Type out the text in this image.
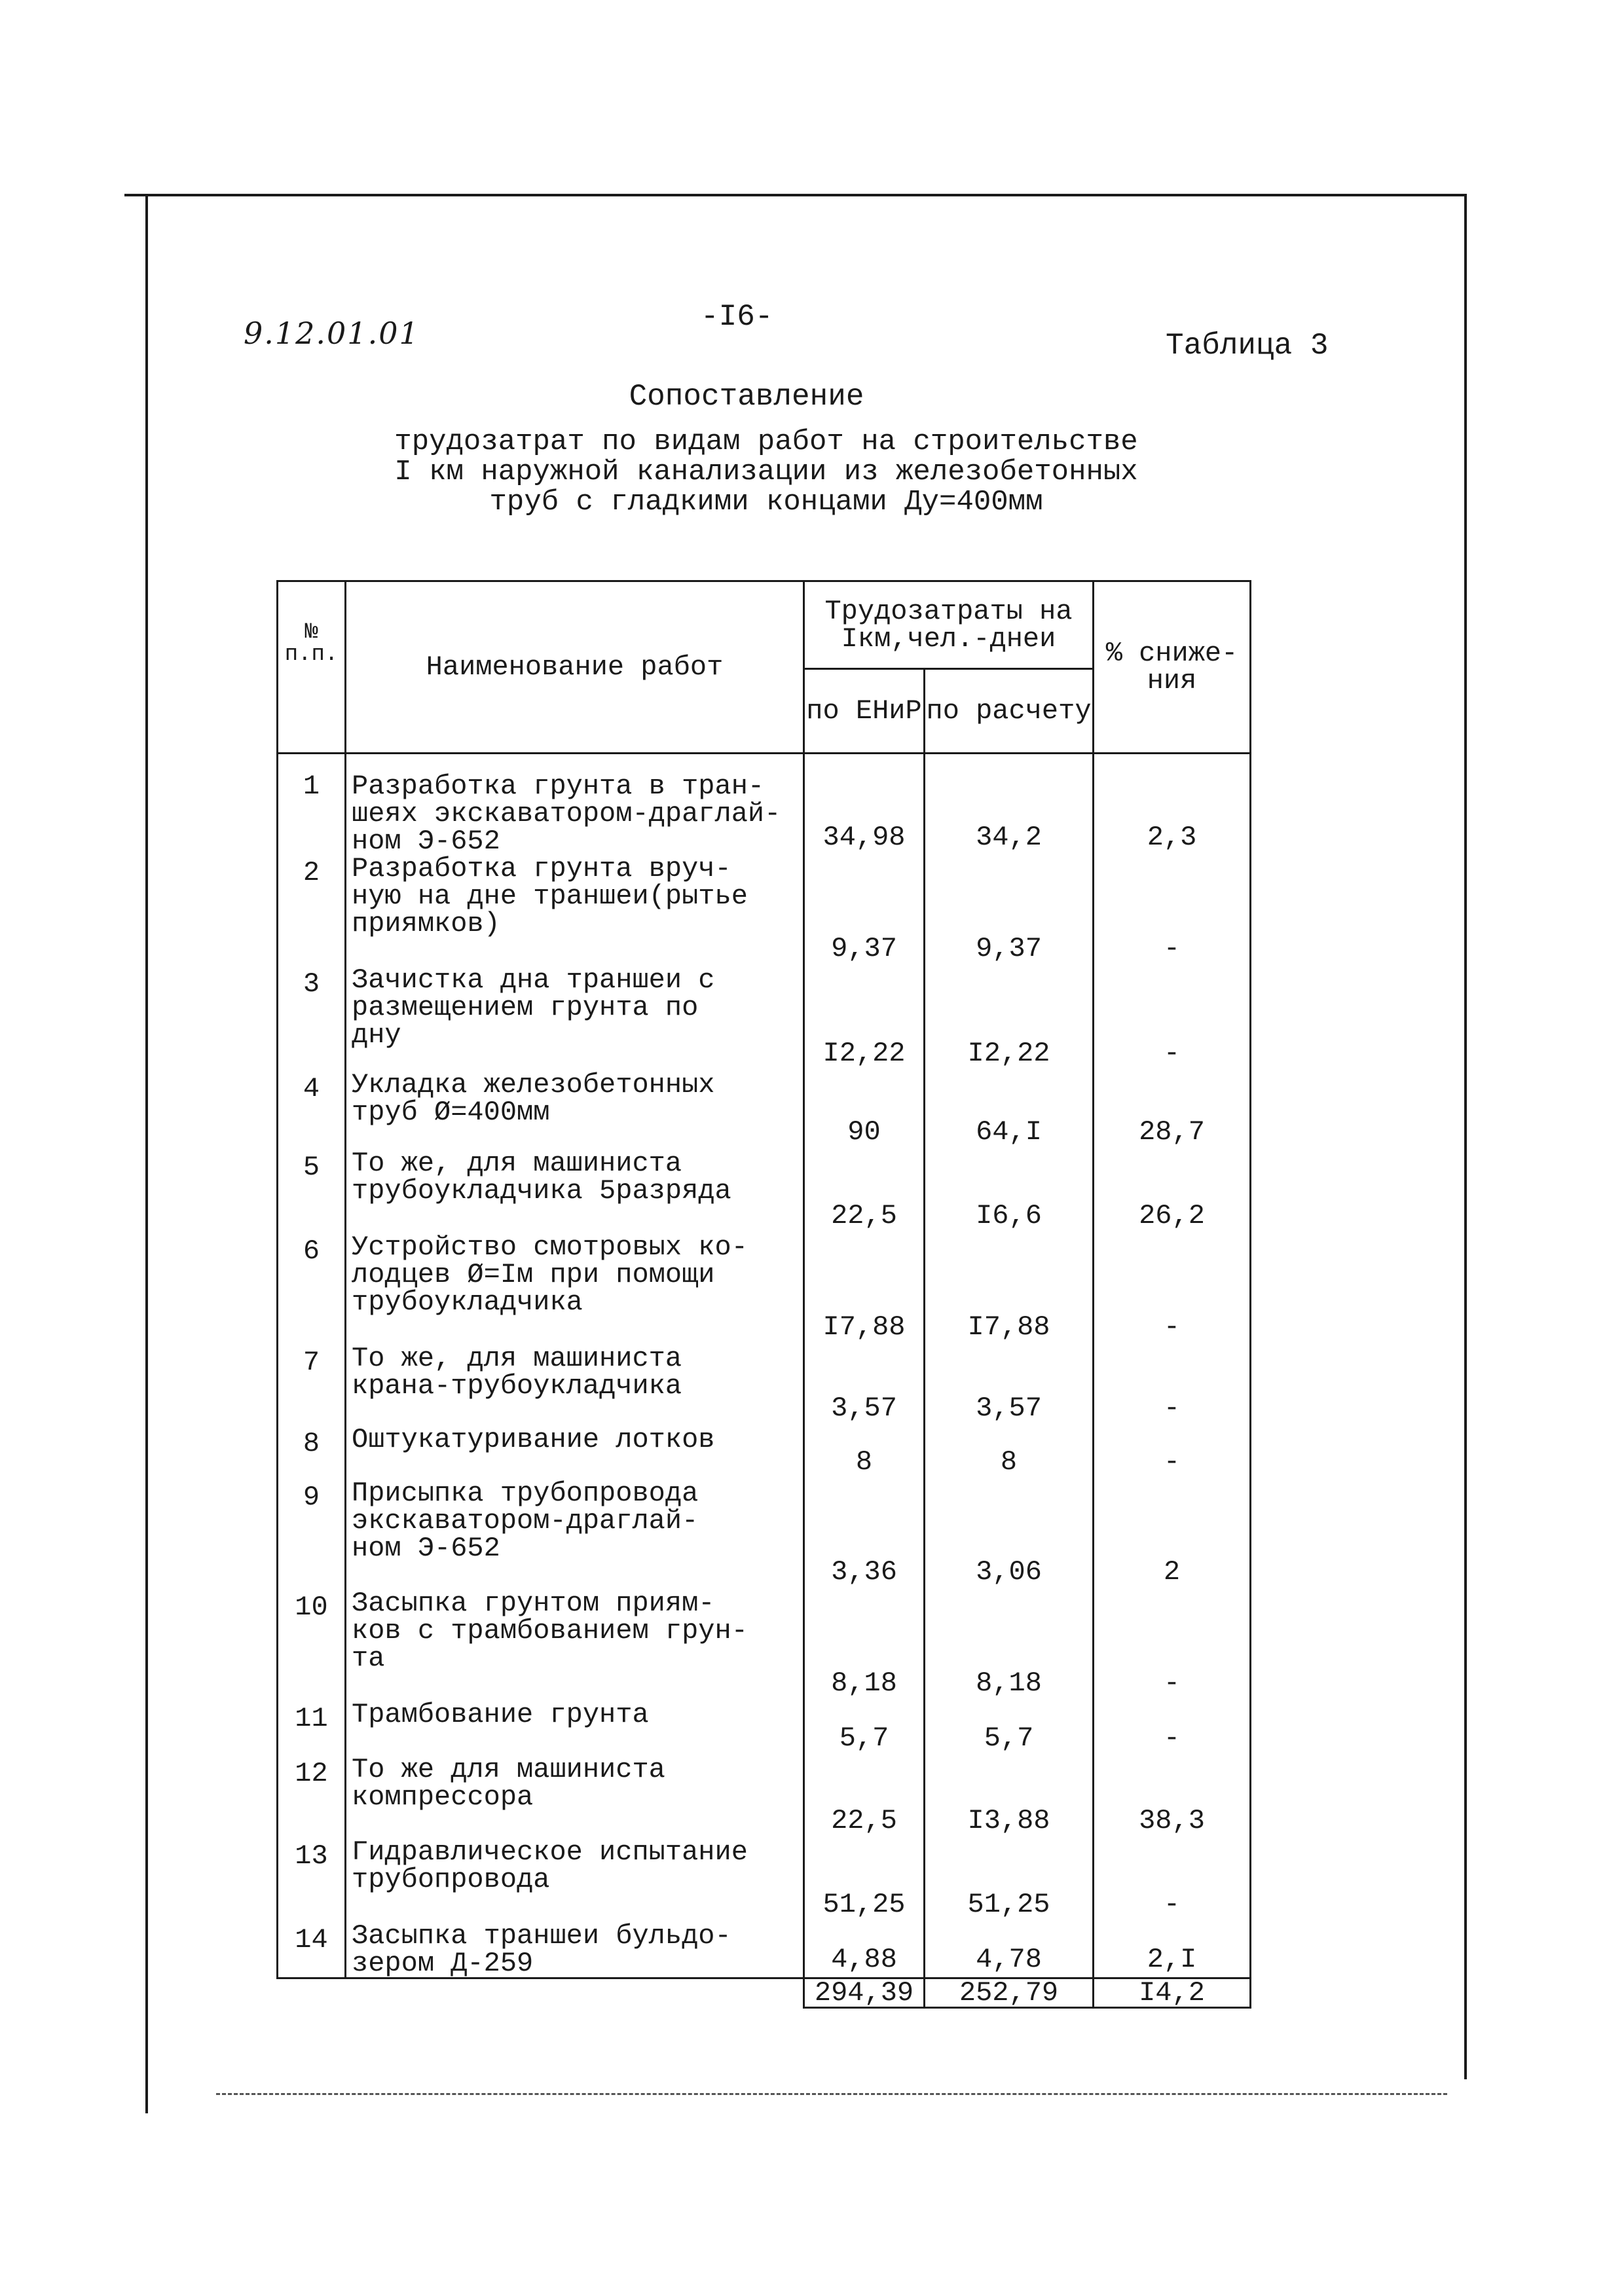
9.12.01.01	-I6-
Таблица 3
Сопоставление
трудозатрат по видам работ на строительстве
I км наружной канализации из железобетонных
труб с гладкими концами Ду=400мм
№ п.п.	Наименование работ	Трудозатраты на Iкм,чел.-днеи		% сниже-ния
		по ЕНиР	по расчету	
1	Разработка грунта в тран-
шеях экскаватором-драглай-
ном Э-652	34,98	34,2	2,3
2	Разработка грунта вруч-
ную на дне траншеи(рытье
приямков)	9,37	9,37	-
3	Зачистка дна траншеи с
размещением грунта по
дну	I2,22	I2,22	-
4	Укладка железобетонных
труб Ø=400мм	90	64,I	28,7
5	То же, для машиниста
трубоукладчика 5разряда	22,5	I6,6	26,2
6	Устройство смотровых ко-
лодцев Ø=Iм при помощи
трубоукладчика	I7,88	I7,88	-
7	То же, для машиниста
крана-трубоукладчика	3,57	3,57	-
8	Оштукатуривание лотков	8	8	-
9	Присыпка трубопровода
экскаватором-драглай-
ном Э-652	3,36	3,06	2
10	Засыпка грунтом приям-
ков с трамбованием грун-
та	8,18	8,18	-
11	Трамбование грунта	5,7	5,7	-
12	То же для машиниста
компрессора	22,5	I3,88	38,3
13	Гидравлическое испытание
трубопровода	51,25	51,25	-
14	Засыпка траншеи бульдо-
зером Д-259	4,88	4,78	2,I
		294,39	252,79	I4,2
